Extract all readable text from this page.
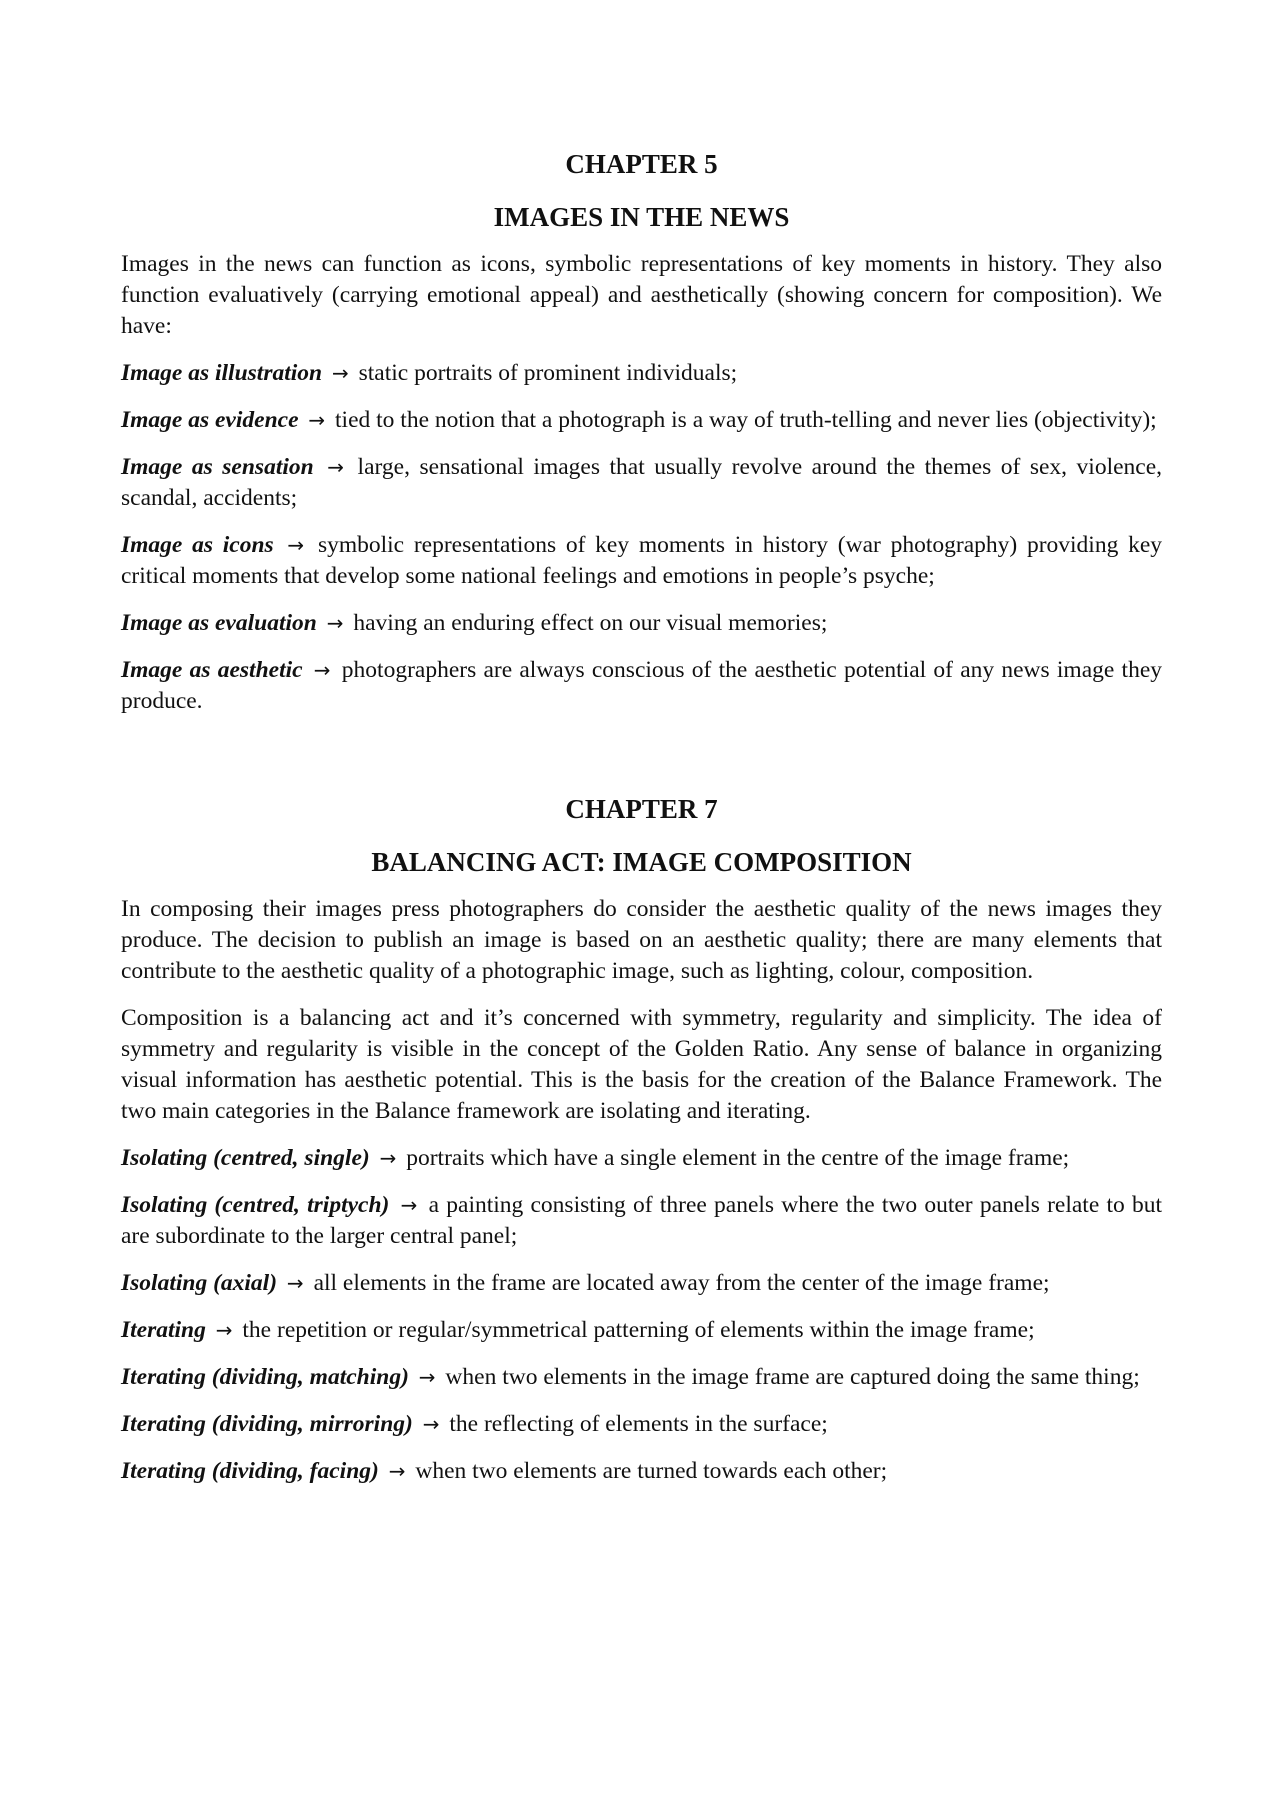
CHAPTER 5
IMAGES IN THE NEWS

Images in the news can function as icons, symbolic representations of key moments in history. They also function evaluatively (carrying emotional appeal) and aesthetically (showing concern for composition). We have:

Image as illustration → static portraits of prominent individuals;

Image as evidence → tied to the notion that a photograph is a way of truth-telling and never lies (objectivity);

Image as sensation → large, sensational images that usually revolve around the themes of sex, violence, scandal, accidents;

Image as icons → symbolic representations of key moments in history (war photography) providing key critical moments that develop some national feelings and emotions in people’s psyche;

Image as evaluation → having an enduring effect on our visual memories;

Image as aesthetic → photographers are always conscious of the aesthetic potential of any news image they produce.

CHAPTER 7
BALANCING ACT: IMAGE COMPOSITION

In composing their images press photographers do consider the aesthetic quality of the news images they produce. The decision to publish an image is based on an aesthetic quality; there are many elements that contribute to the aesthetic quality of a photographic image, such as lighting, colour, composition.

Composition is a balancing act and it’s concerned with symmetry, regularity and simplicity. The idea of symmetry and regularity is visible in the concept of the Golden Ratio. Any sense of balance in organizing visual information has aesthetic potential. This is the basis for the creation of the Balance Framework. The two main categories in the Balance framework are isolating and iterating.

Isolating (centred, single) → portraits which have a single element in the centre of the image frame;

Isolating (centred, triptych) → a painting consisting of three panels where the two outer panels relate to but are subordinate to the larger central panel;

Isolating (axial) → all elements in the frame are located away from the center of the image frame;

Iterating → the repetition or regular/symmetrical patterning of elements within the image frame;

Iterating (dividing, matching) → when two elements in the image frame are captured doing the same thing;

Iterating (dividing, mirroring) → the reflecting of elements in the surface;

Iterating (dividing, facing) → when two elements are turned towards each other;
